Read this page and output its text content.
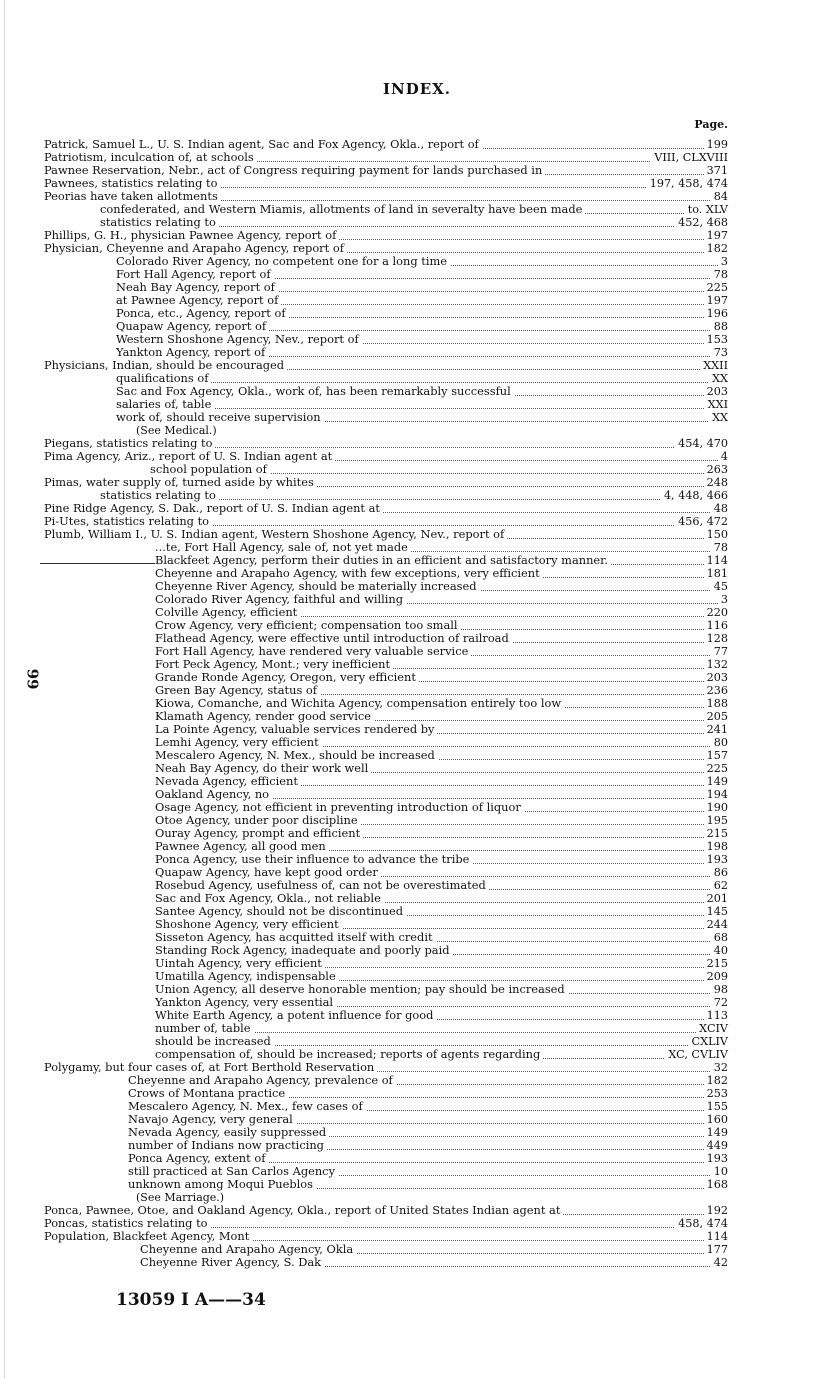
INDEX.
Page.
Patrick, Samuel L., U. S. Indian agent, Sac and Fox Agency, Okla., report of	199
Patriotism, inculcation of, at schools	VIII, CLXVIII
Pawnee Reservation, Nebr., act of Congress requiring payment for lands purchased in	371
Pawnees, statistics relating to	197, 458, 474
Peorias have taken allotments	84
confederated, and Western Miamis, allotments of land in severalty have been made	to. XLV
statistics relating to	452, 468
Phillips, G. H., physician Pawnee Agency, report of	197
Physician, Cheyenne and Arapaho Agency, report of	182
Colorado River Agency, no competent one for a long time	3
Fort Hall Agency, report of	78
Neah Bay Agency, report of	225
at Pawnee Agency, report of	197
Ponca, etc., Agency, report of	196
Quapaw Agency, report of	88
Western Shoshone Agency, Nev., report of	153
Yankton Agency, report of	73
Physicians, Indian, should be encouraged	XXII
qualifications of	XX
Sac and Fox Agency, Okla., work of, has been remarkably successful	203
salaries of, table	XXI
work of, should receive supervision	XX
(See Medical.)
Piegans, statistics relating to	454, 470
Pima Agency, Ariz., report of U. S. Indian agent at	4
school population of	263
Pimas, water supply of, turned aside by whites	248
statistics relating to	4, 448, 466
Pine Ridge Agency, S. Dak., report of U. S. Indian agent at	48
Pi-Utes, statistics relating to	456, 472
Plumb, William I., U. S. Indian agent, Western Shoshone Agency, Nev., report of	150
...te, Fort Hall Agency, sale of, not yet made	78
Blackfeet Agency, perform their duties in an efficient and satisfactory manner.	114
Cheyenne and Arapaho Agency, with few exceptions, very efficient	181
Cheyenne River Agency, should be materially increased	45
Colorado River Agency, faithful and willing	3
Colville Agency, efficient	220
Crow Agency, very efficient; compensation too small	116
Flathead Agency, were effective until introduction of railroad	128
Fort Hall Agency, have rendered very valuable service	77
Fort Peck Agency, Mont.; very inefficient	132
Grande Ronde Agency, Oregon, very efficient	203
Green Bay Agency, status of	236
Kiowa, Comanche, and Wichita Agency, compensation entirely too low	188
Klamath Agency, render good service	205
La Pointe Agency, valuable services rendered by	241
Lemhi Agency, very efficient	80
Mescalero Agency, N. Mex., should be increased	157
Neah Bay Agency, do their work well	225
Nevada Agency, efficient	149
Oakland Agency, no	194
Osage Agency, not efficient in preventing introduction of liquor	190
Otoe Agency, under poor discipline	195
Ouray Agency, prompt and efficient	215
Pawnee Agency, all good men	198
Ponca Agency, use their influence to advance the tribe	193
Quapaw Agency, have kept good order	86
Rosebud Agency, usefulness of, can not be overestimated	62
Sac and Fox Agency, Okla., not reliable	201
Santee Agency, should not be discontinued	145
Shoshone Agency, very efficient	244
Sisseton Agency, has acquitted itself with credit	68
Standing Rock Agency, inadequate and poorly paid	40
Uintah Agency, very efficient	215
Umatilla Agency, indispensable	209
Union Agency, all deserve honorable mention; pay should be increased	98
Yankton Agency, very essential	72
White Earth Agency, a potent influence for good	113
number of, table	XCIV
should be increased	CXLIV
compensation of, should be increased; reports of agents regarding	XC, CVLIV
Polygamy, but four cases of, at Fort Berthold Reservation	32
Cheyenne and Arapaho Agency, prevalence of	182
Crows of Montana practice	253
Mescalero Agency, N. Mex., few cases of	155
Navajo Agency, very general	160
Nevada Agency, easily suppressed	149
number of Indians now practicing	449
Ponca Agency, extent of	193
still practiced at San Carlos Agency	10
unknown among Moqui Pueblos	168
(See Marriage.)
Ponca, Pawnee, Otoe, and Oakland Agency, Okla., report of United States Indian agent at	192
Poncas, statistics relating to	458, 474
Population, Blackfeet Agency, Mont	114
Cheyenne and Arapaho Agency, Okla	177
Cheyenne River Agency, S. Dak	42
99
13059 I A——34
